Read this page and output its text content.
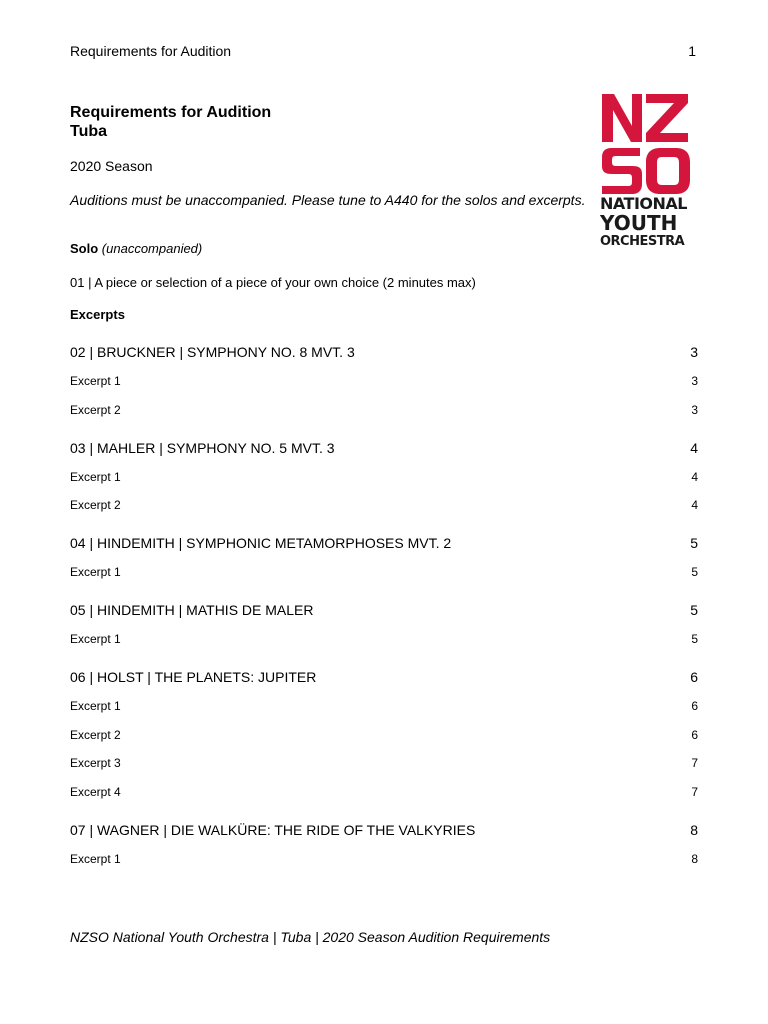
Requirements for Audition	1
Requirements for Audition
Tuba
2020 Season
Auditions must be unaccompanied. Please tune to A440 for the solos and excerpts.
Solo (unaccompanied)
01 | A piece or selection of a piece of your own choice (2 minutes max)
Excerpts
02 | BRUCKNER | SYMPHONY NO. 8 MVT. 3	3
Excerpt 1	3
Excerpt 2	3
03 | MAHLER | SYMPHONY NO. 5 MVT. 3	4
Excerpt 1	4
Excerpt 2	4
04 | HINDEMITH | SYMPHONIC METAMORPHOSES MVT. 2	5
Excerpt 1	5
05 | HINDEMITH | MATHIS DE MALER	5
Excerpt 1	5
06 | HOLST | THE PLANETS: JUPITER	6
Excerpt 1	6
Excerpt 2	6
Excerpt 3	7
Excerpt 4	7
07 | WAGNER | DIE WALKÜRE: THE RIDE OF THE VALKYRIES	8
Excerpt 1	8
NATIONAL
YOUTH
ORCHESTRA
NZSO National Youth Orchestra | Tuba | 2020 Season Audition Requirements
